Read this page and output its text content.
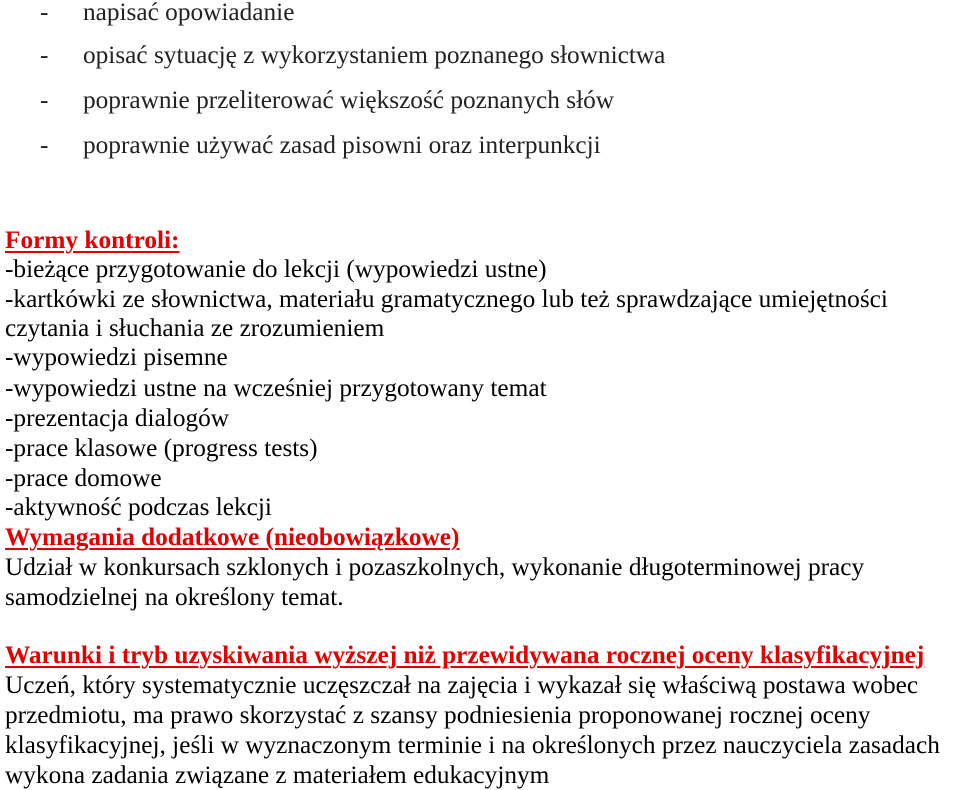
- napisać opowiadanie
- opisać sytuację z wykorzystaniem poznanego słownictwa
- poprawnie przeliterować większość poznanych słów
- poprawnie używać zasad pisowni oraz interpunkcji
Formy kontroli:
-bieżące przygotowanie do lekcji (wypowiedzi ustne)
-kartkówki ze słownictwa, materiału gramatycznego lub też sprawdzające umiejętności
czytania i słuchania ze zrozumieniem
-wypowiedzi pisemne
-wypowiedzi ustne na wcześniej przygotowany temat
-prezentacja dialogów
-prace klasowe (progress tests)
-prace domowe
-aktywność podczas lekcji
Wymagania dodatkowe (nieobowiązkowe)
Udział w konkursach szklonych i pozaszkolnych, wykonanie długoterminowej pracy
samodzielnej na określony temat.
Warunki i tryb uzyskiwania wyższej niż przewidywana rocznej oceny klasyfikacyjnej
Uczeń, który systematycznie uczęszczał na zajęcia i wykazał się właściwą postawa wobec
przedmiotu, ma prawo skorzystać z szansy podniesienia proponowanej rocznej oceny
klasyfikacyjnej, jeśli w wyznaczonym terminie i na określonych przez nauczyciela zasadach
wykona zadania związane z materiałem edukacyjnym
